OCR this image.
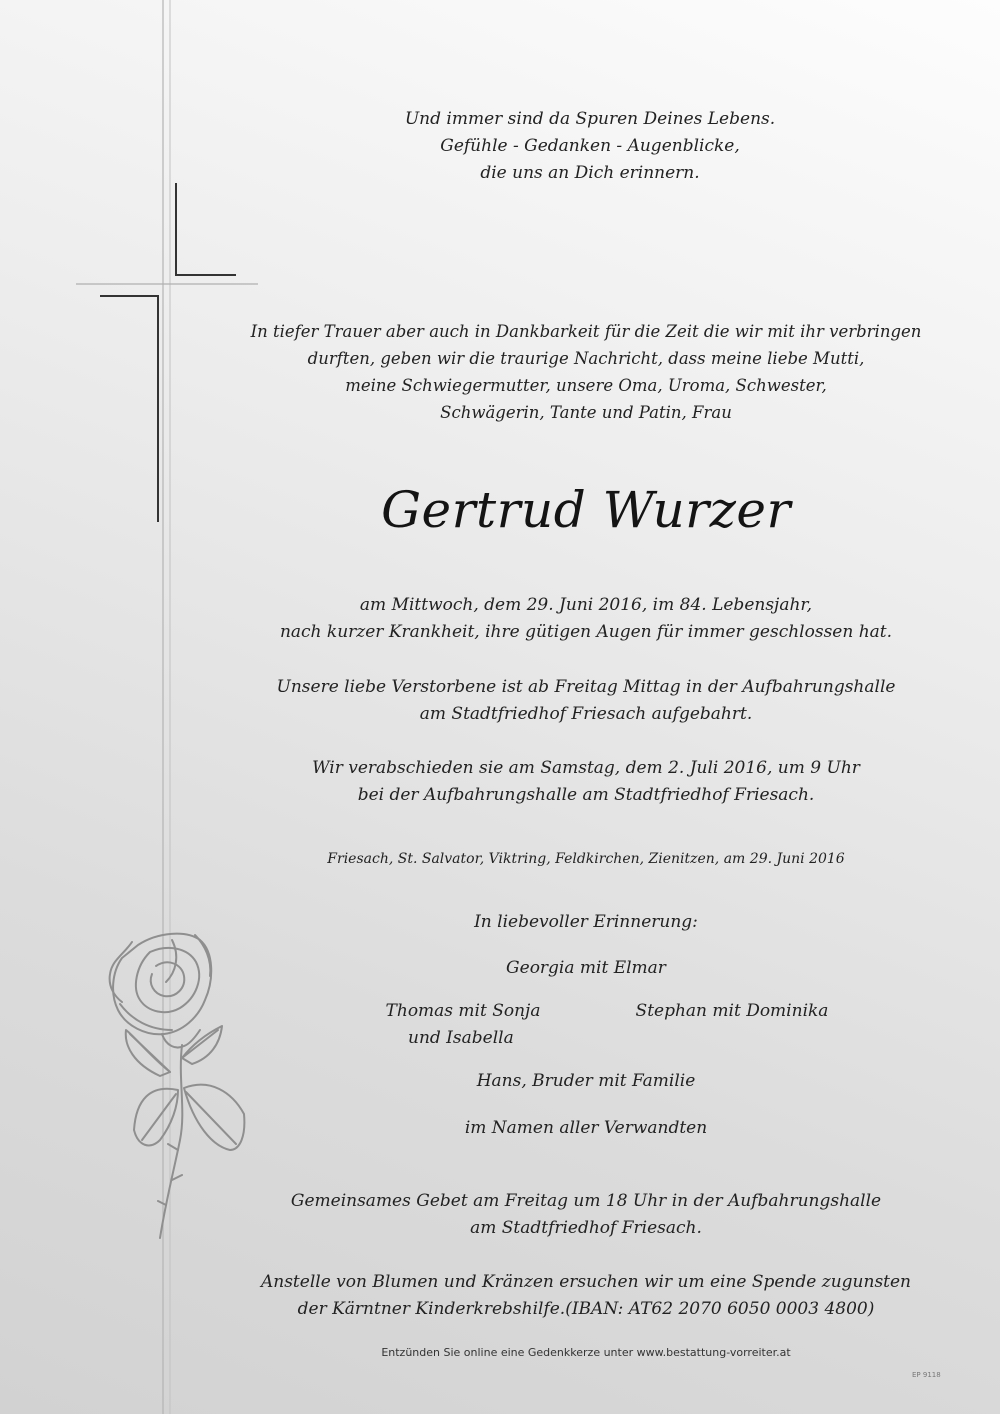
Und immer sind da Spuren Deines Lebens.
Gefühle - Gedanken - Augenblicke,
die uns an Dich erinnern.

In tiefer Trauer aber auch in Dankbarkeit für die Zeit die wir mit ihr verbringen
durften, geben wir die traurige Nachricht, dass meine liebe Mutti,
meine Schwiegermutter, unsere Oma, Uroma, Schwester,
Schwägerin, Tante und Patin, Frau

Gertrud Wurzer

am Mittwoch, dem 29. Juni 2016, im 84. Lebensjahr,
nach kurzer Krankheit, ihre gütigen Augen für immer geschlossen hat.

Unsere liebe Verstorbene ist ab Freitag Mittag in der Aufbahrungshalle
am Stadtfriedhof Friesach aufgebahrt.

Wir verabschieden sie am Samstag, dem 2. Juli 2016, um 9 Uhr
bei der Aufbahrungshalle am Stadtfriedhof Friesach.

Friesach, St. Salvator, Viktring, Feldkirchen, Zienitzen, am 29. Juni 2016

In liebevoller Erinnerung:

Georgia mit Elmar

Thomas mit Sonja
und Isabella

Stephan mit Dominika

Hans, Bruder mit Familie

im Namen aller Verwandten

Gemeinsames Gebet am Freitag um 18 Uhr in der Aufbahrungshalle
am Stadtfriedhof Friesach.

Anstelle von Blumen und Kränzen ersuchen wir um eine Spende zugunsten
der Kärntner Kinderkrebshilfe.(IBAN: AT62 2070 6050 0003 4800)

Entzünden Sie online eine Gedenkkerze unter www.bestattung-vorreiter.at

EP 9118
